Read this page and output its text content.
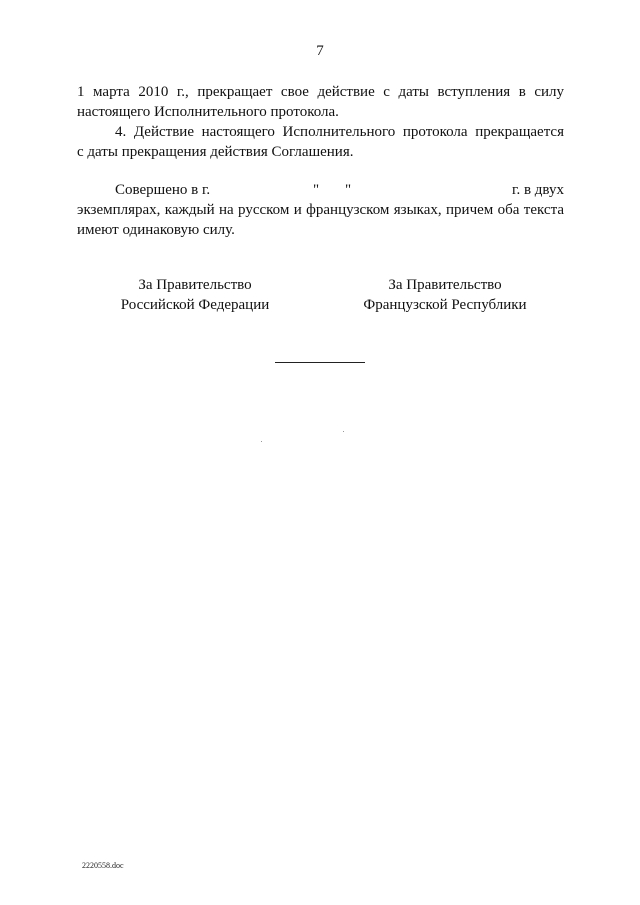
7

1 марта 2010 г., прекращает свое действие с даты вступления в силу

настоящего Исполнительного протокола.

4. Действие настоящего Исполнительного протокола прекращается

с даты прекращения действия Соглашения.

Совершено в г.	" "	г. в двух

экземплярах, каждый на русском и французском языках, причем оба текста

имеют одинаковую силу.

За Правительство
Российской Федерации
За Правительство
Французской Республики
2220558.doc
